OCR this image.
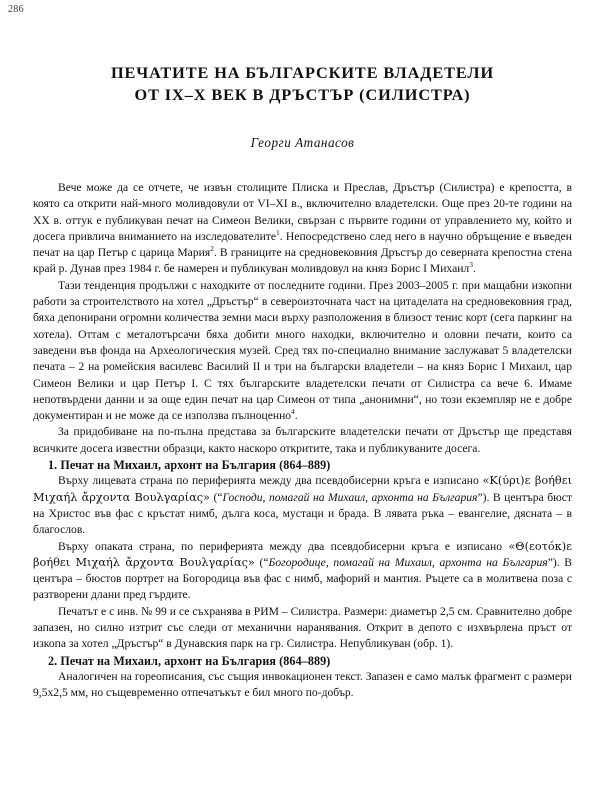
286
ПЕЧАТИТЕ НА БЪЛГАРСКИТЕ ВЛАДЕТЕЛИ
ОТ IX–X ВЕК В ДРЪСТЪР (СИЛИСТРА)
Георги Атанасов

Вече може да се отчете, че извън столиците Плиска и Преслав, Дръстър (Силистра) е крепостта, в която са открити най-много моливдовули от VI–XI в., включително владетелски. Още през 20-те години на XX в. оттук е публикуван печат на Симеон Велики, свързан с първите години от управлението му, който и досега привлича вниманието на изследователите$^1$. Непосредствено след него в научно обръщение е въведен печат на цар Петър с царица Мария$^2$. В границите на средновековния Дръстър до северната крепостна стена край р. Дунав през 1984 г. бе намерен и публикуван моливдовул на княз Борис I Михаил$^3$.

Тази тенденция продължи с находките от последните години. През 2003–2005 г. при мащабни изкопни работи за строителството на хотел „Дръстър“ в североизточната част на цитаделата на средновековния град, бяха депонирани огромни количества земни маси върху разположения в близост тенис корт (сега паркинг на хотела). Оттам с металотърсачи бяха добити много находки, включително и оловни печати, които са заведени във фонда на Археологическия музей. Сред тях по-специално внимание заслужават 5 владетелски печата – 2 на ромейския василевс Василий II и три на български владетели – на княз Борис I Михаил, цар Симеон Велики и цар Петър I. С тях българските владетелски печати от Силистра са вече 6. Имаме непотвърдени данни и за още един печат на цар Симеон от типа „анонимни“, но този екземпляр не е добре документиран и не може да се използва пълноценно$^4$.

За придобиване на по-пълна представа за българските владетелски печати от Дръстър ще представя всичките досега известни образци, както наскоро откритите, така и публикуваните досега.

1. Печат на Михаил, архонт на България (864–889)

Върху лицевата страна по периферията между два псевдобисерни кръга е изписано «Κ(ύρι)ε βοήθει Μιχαήλ ἄρχοντα Βουλγαρίας» (“Господи, помагай на Михаил, архонта на България”). В центъра бюст на Христос във фас с кръстат нимб, дълга коса, мустаци и брада. В лявата ръка – евангелие, дясната – в благослов.

Върху опаката страна, по периферията между два псевдобисерни кръга е изписано «Θ(εοτόκ)ε βοήθει Μιχαήλ ἄρχοντα Βουλγαρίας» (“Богородице, помагай на Михаил, архонта на България”). В центъра – бюстов портрет на Богородица във фас с нимб, мафорий и мантия. Ръцете са в молитвена поза с разтворени длани пред гърдите.

Печатът е с инв. № 99 и се съхранява в РИМ – Силистра. Размери: диаметър 2,5 см. Сравнително добре запазен, но силно изтрит със следи от механични наранявания. Открит в депото с изхвърлена пръст от изкопа за хотел „Дръстър“ в Дунавския парк на гр. Силистра. Непубликуван (обр. 1).

2. Печат на Михаил, архонт на България (864–889)

Аналогичен на гореописания, със същия инвокационен текст. Запазен е само малък фрагмент с размери 9,5x2,5 мм, но същевременно отпечатъкът е бил много по-добър.
